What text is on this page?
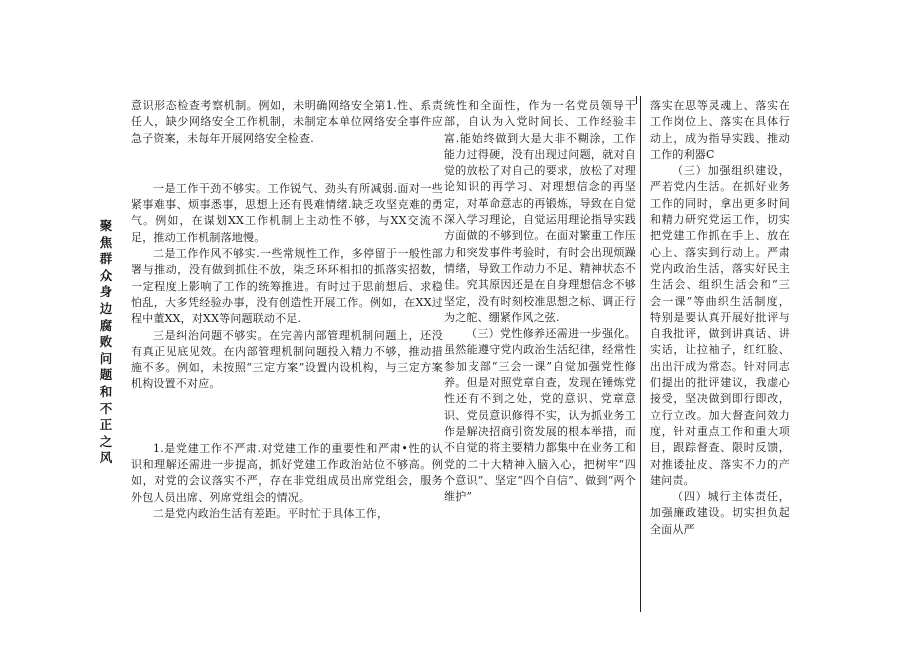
聚焦群众身边腐败问题和不正之风

意识形态检查考察机制。例如，未明确网络安全第1.性、系责任人，缺少网络安全工作机制，未制定本单位网络安全事件应急子资案，未每年开展网络安全检查.

一是工作干劲不够实。工作锐气、劲头有所减弱.面对一些紧事难事、烦事悉事，思想上还有畏难情绪.缺乏攻坚克难的勇气。例如，在谋划XX工作机制上主动性不够，与XX交流不足，推动工作机制落地慢。

二是工作作风不够实.一些常规性工作，多停留于一般性部署与推动，没有做到抓住不放，柒乏环环相扣的抓落实招数，一定程度上影响了工作的统筹推进。有时过于思前想后、求稳怕乱，大多凭经验办事，没有创造性开展工作。例如，在XX过程中董XX，对XX等问题联动不足.

三是纠治问题不够实。在完善内部管理机制问题上，还没有真正见底见效。在内部管理机制问题投入精力不够，推动措施不多。例如，未按照“三定方案”设置内设机构，与三定方案机构设置不对应。

1.是党建工作不严肃.对党建工作的重要性和严肃•性的认识和理解还需进一步提高，抓好党建工作政治站位不够高。例如，对党的会议落实不严，存在非党组成员出席党组会，服务外包人员出席、列席党组会的情况。

二是党内政治生活有差距。平时忙于具体工作，

统性和全面性，作为一名党员领导干部，自认为入党时间长、工作经验丰富.能始终做到大是大非不糊涂，工作能力过得硬，没有出现过问题，就对自觉的放松了对自己的要求，放松了对理论知识的再学习、对理想信念的再坚定，对革命意志的再锻炼，导致在自觉深入学习理论，自觉运用理论指导实践方面做的不够到位。在面对繁重工作压力和突发事件考验时，有时会出现烦躁情绪，导致工作动力不足、精神状态不佳。究其原因还是在自身理想信念不够坚定，没有时刻校准思想之标、调正行为之舵、绷紧作风之弦.

（三）党性修养还需进一步强化。虽然能遵守党内政治生活纪律，经常性参加支部“三会一课”自觉加强党性修养。但是对照党章自查，发现在锤炼党性还有不到之处，党的意识、党章意识、党员意识修得不实，认为抓业务工作是解决招商引资发展的根本举措，而不自觉的将主要精力都集中在业务工和党的二十大精神入脑入心，把树牢“四个意识”、坚定“四个自信”、做到“两个维护”

落实在思等灵魂上、落实在工作岗位上、落实在具体行动上，成为指导实践、推动工作的利器C

（三）加强组织建设，严若党内生活。在抓好业务工作的同时，拿出更多时间和精力研究党运工作，切实把党建工作抓在手上、放在心上、落实到行动上。严肃党内政治生活，落实好民主生活会、组织生活会和“三会一课”等曲织生活制度，特别是要认真开展好批评与自我批评，做到讲真话、讲实话，让拉袖子，红红脸、出出汗成为常态。针对同志们提出的批评建议，我虚心接受，坚决做到即行即改，立行立改。加大督查问效力度，针对重点工作和重大项目，跟踪督查、限时反馈，对推诿扯皮、落实不力的产建问责。

（四）城行主体责任，加强廉政建设。切实担负起全面从严
